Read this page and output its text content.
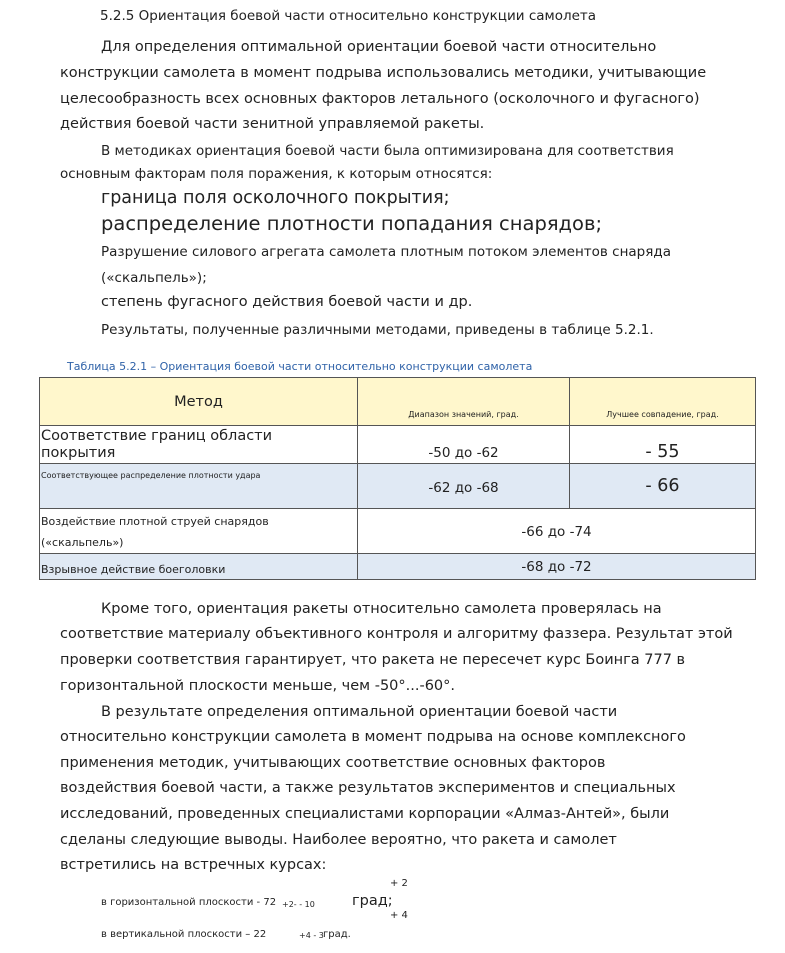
5.2.5 Ориентация боевой части относительно конструкции самолета
Для определения оптимальной ориентации боевой части относительно
конструкции самолета в момент подрыва использовались методики, учитывающие
целесообразность всех основных факторов летального (осколочного и фугасного)
действия боевой части зенитной управляемой ракеты.
В методиках ориентация боевой части была оптимизирована для соответствия
основным факторам поля поражения, к которым относятся:
граница поля осколочного покрытия;
распределение плотности попадания снарядов;
Разрушение силового агрегата самолета плотным потоком элементов снаряда
(«скальпель»);
степень фугасного действия боевой части и др.
Результаты, полученные различными методами, приведены в таблице 5.2.1.
Таблица 5.2.1 – Ориентация боевой части относительно конструкции самолета
Метод	Диапазон значений, град.	Лучшее совпадение, град.

Соответствие границ области
покрытия	-50 до -62	- 55

Соответствующее распределение плотности удара	-62 до -68	- 66

Воздействие плотной струей снарядов
(«скальпель»)	-66 до -74	

Взрывное действие боеголовки	-68 до -72	
Кроме того, ориентация ракеты относительно самолета проверялась на
соответствие материалу объективного контроля и алгоритму фаззера. Результат этой
проверки соответствия гарантирует, что ракета не пересечет курс Боинга 777 в
горизонтальной плоскости меньше, чем -50°...-60°.
В результате определения оптимальной ориентации боевой части
относительно конструкции самолета в момент подрыва на основе комплексного
применения методик, учитывающих соответствие основных факторов
воздействия боевой части, а также результатов экспериментов и специальных
исследований, проведенных специалистами корпорации «Алмаз-Антей», были
сделаны следующие выводы. Наиболее вероятно, что ракета и самолет
встретились на встречных курсах:
+ 2
в горизонтальной плоскости - 72 +2- - 10	град;
+ 4
в вертикальной плоскости – 22	+4 - 3 град.
